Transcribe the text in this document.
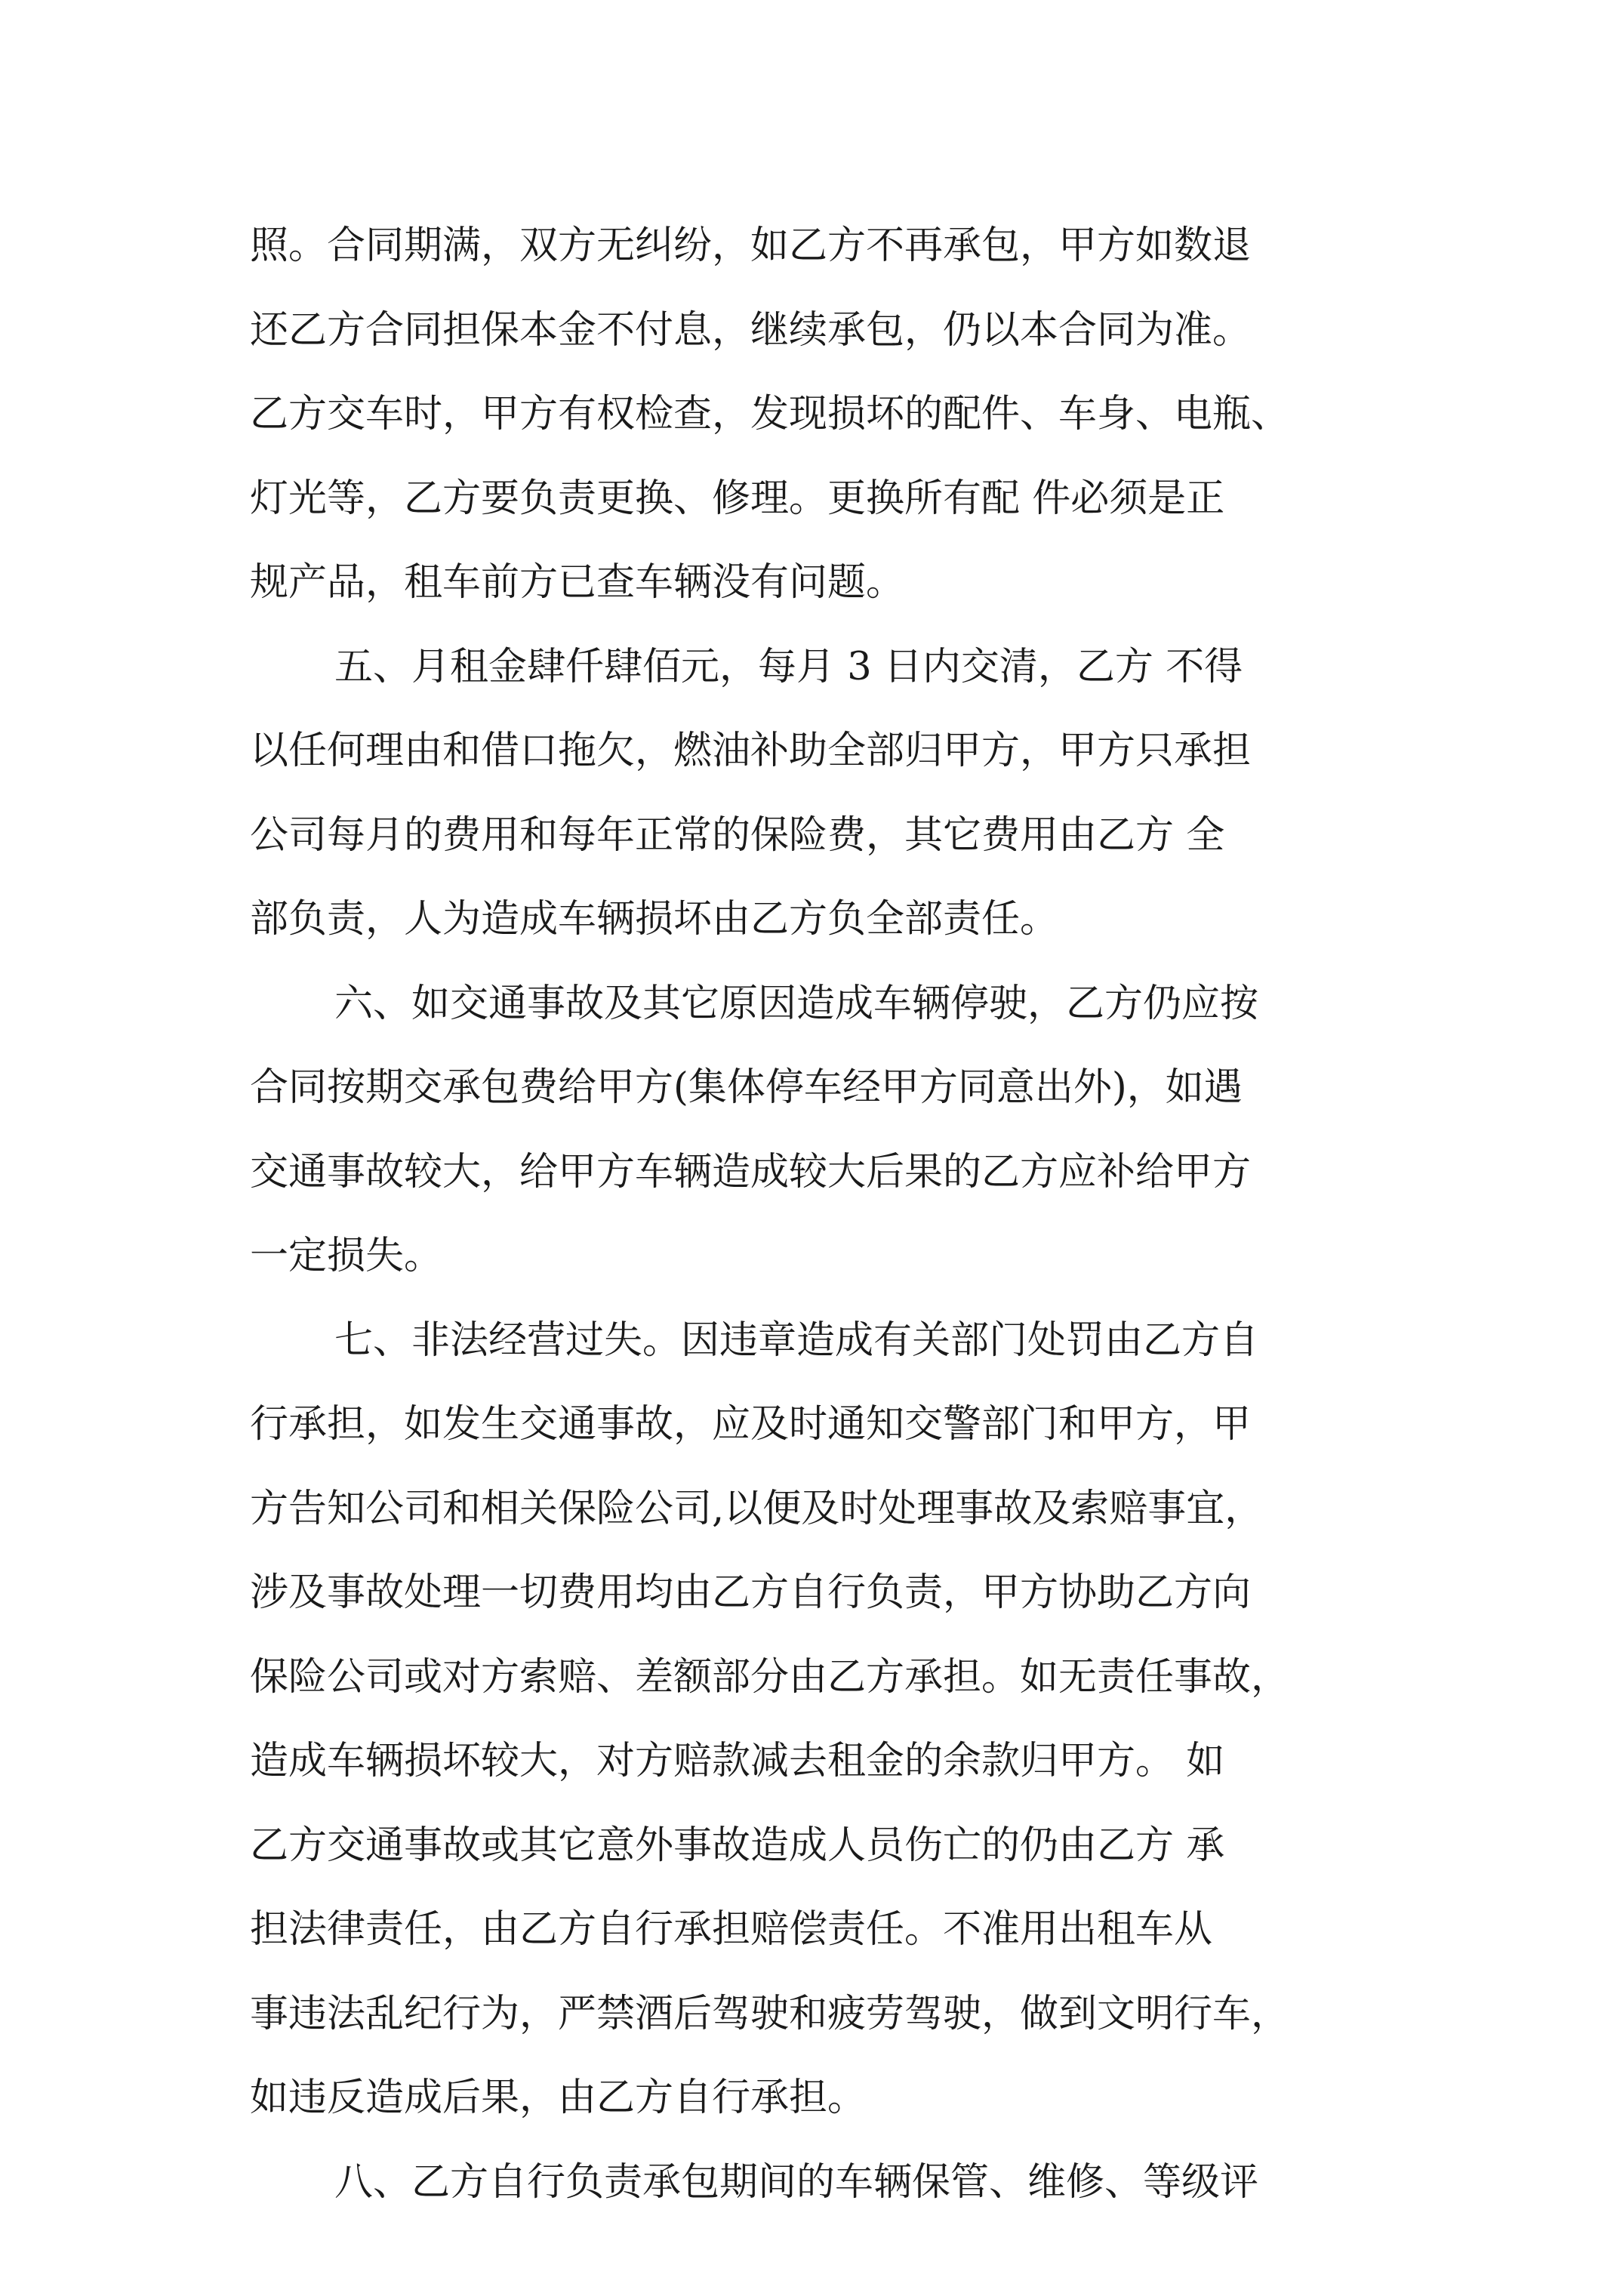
照。合同期满，双方无纠纷，如乙方不再承包，甲方如数退
还乙方合同担保本金不付息，继续承包，仍以本合同为准。
乙方交车时，甲方有权检查，发现损坏的配件、车身、电瓶、
灯光等，乙方要负责更换、修理。更换所有配 件必须是正
规产品，租车前方已查车辆没有问题。
五、月租金肆仟肆佰元，每月 3 日内交清，乙方 不得
以任何理由和借口拖欠，燃油补助全部归甲方，甲方只承担
公司每月的费用和每年正常的保险费，其它费用由乙方 全
部负责，人为造成车辆损坏由乙方负全部责任。
六、如交通事故及其它原因造成车辆停驶，乙方仍应按
合同按期交承包费给甲方(集体停车经甲方同意出外)，如遇
交通事故较大，给甲方车辆造成较大后果的乙方应补给甲方
一定损失。
七、非法经营过失。因违章造成有关部门处罚由乙方自
行承担，如发生交通事故，应及时通知交警部门和甲方，甲
方告知公司和相关保险公司,以便及时处理事故及索赔事宜，
涉及事故处理一切费用均由乙方自行负责，甲方协助乙方向
保险公司或对方索赔、差额部分由乙方承担。如无责任事故，
造成车辆损坏较大，对方赔款减去租金的余款归甲方。 如
乙方交通事故或其它意外事故造成人员伤亡的仍由乙方 承
担法律责任，由乙方自行承担赔偿责任。不准用出租车从
事违法乱纪行为，严禁酒后驾驶和疲劳驾驶，做到文明行车，
如违反造成后果，由乙方自行承担。
八、乙方自行负责承包期间的车辆保管、维修、等级评
